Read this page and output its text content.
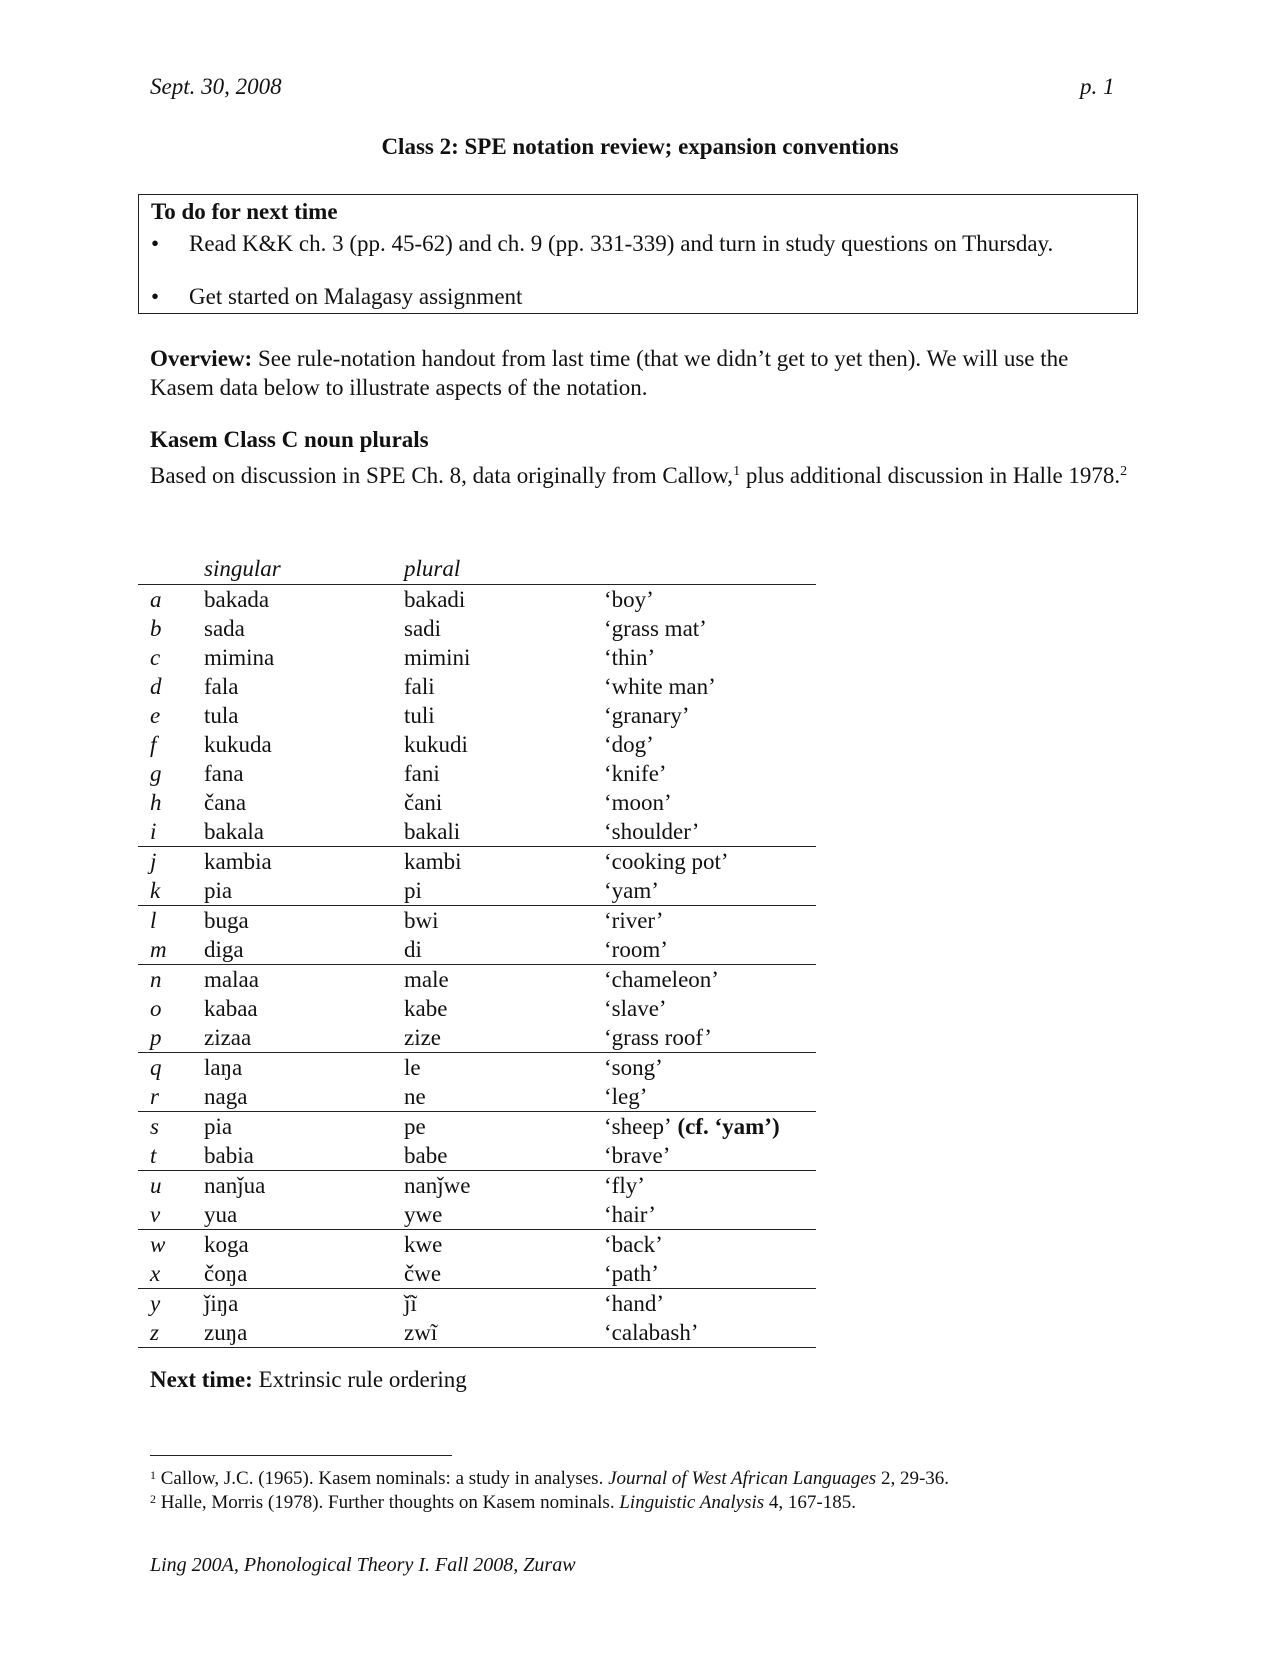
Sept. 30, 2008	p. 1
Class 2: SPE notation review; expansion conventions
To do for next time
• Read K&K ch. 3 (pp. 45-62) and ch. 9 (pp. 331-339) and turn in study questions on Thursday.
• Get started on Malagasy assignment
Overview: See rule-notation handout from last time (that we didn’t get to yet then). We will use the Kasem data below to illustrate aspects of the notation.
Kasem Class C noun plurals
Based on discussion in SPE Ch. 8, data originally from Callow,$^1$ plus additional discussion in Halle 1978.$^2$
singular	plural
a bakada	bakadi	‘boy’
b sada	sadi	‘grass mat’
c mimina	mimini	‘thin’
d fala	fali	‘white man’
e tula	tuli	‘granary’
f kukuda	kukudi	‘dog’
g fana	fani	‘knife’
h čana	čani	‘moon’
i bakala	bakali	‘shoulder’
j kambia	kambi	‘cooking pot’
k pia	pi	‘yam’
l buga	bwi	‘river’
m diga	di	‘room’
n malaa	male	‘chameleon’
o kabaa	kabe	‘slave’
p zizaa	zize	‘grass roof’
q laŋa	le	‘song’
r naga	ne	‘leg’
s pia	pe	‘sheep’ (cf. ‘yam’)
t babia	babe	‘brave’
u nanǰua	nanǰwe	‘fly’
v yua	ywe	‘hair’
w koga	kwe	‘back’
x čoŋa	čwe	‘path’
y ǰiŋa	ǰĩ	‘hand’
z zuŋa	zwĩ	‘calabash’
Next time: Extrinsic rule ordering
$^1$ Callow, J.C. (1965). Kasem nominals: a study in analyses. Journal of West African Languages 2, 29-36.
$^2$ Halle, Morris (1978). Further thoughts on Kasem nominals. Linguistic Analysis 4, 167-185.
Ling 200A, Phonological Theory I. Fall 2008, Zuraw
